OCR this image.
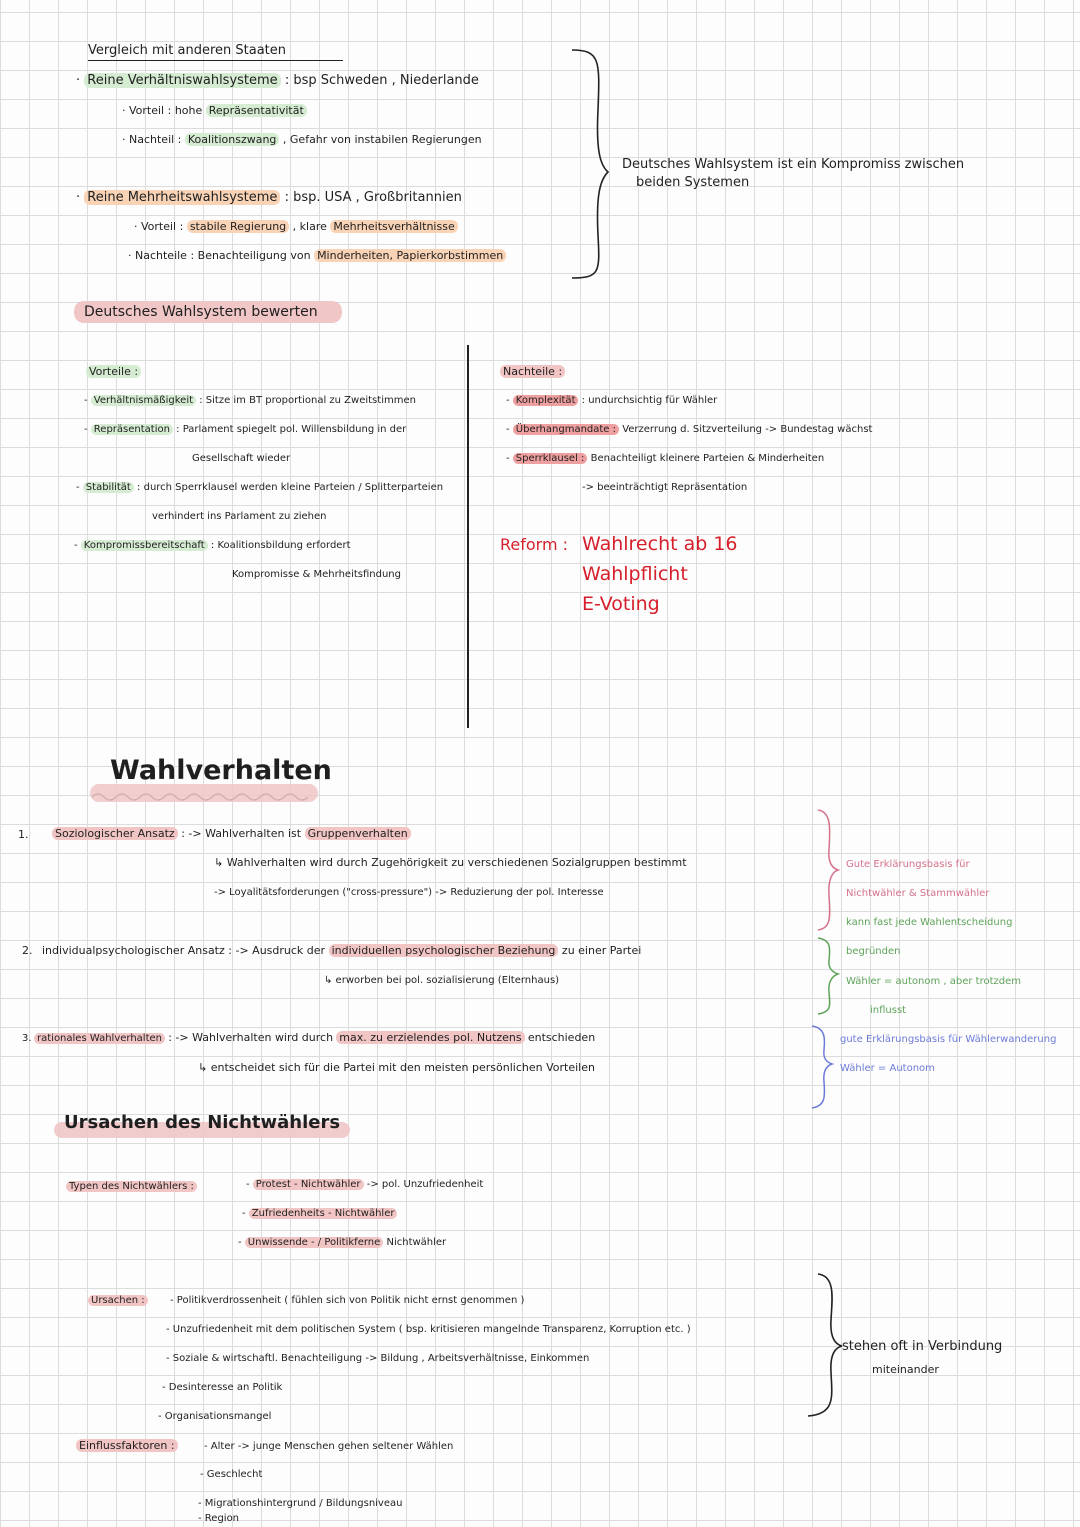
Vergleich mit anderen Staaten
· Reine Verhältniswahlsysteme : bsp Schweden , Niederlande
· Vorteil : hohe Repräsentativität
· Nachteil : Koalitionszwang , Gefahr von instabilen Regierungen
· Reine Mehrheitswahlsysteme : bsp. USA , Großbritannien
· Vorteil : stabile Regierung , klare Mehrheitsverhältnisse
· Nachteile : Benachteiligung von Minderheiten, Papierkorbstimmen
Deutsches Wahlsystem ist ein Kompromiss zwischen
beiden Systemen
Deutsches Wahlsystem bewerten
Vorteile :
- Verhältnismäßigkeit : Sitze im BT proportional zu Zweitstimmen
- Repräsentation : Parlament spiegelt pol. Willensbildung in der
Gesellschaft wieder
- Stabilität : durch Sperrklausel werden kleine Parteien / Splitterparteien
verhindert ins Parlament zu ziehen
- Kompromissbereitschaft : Koalitionsbildung erfordert
Kompromisse & Mehrheitsfindung
Nachteile :
- Komplexität : undurchsichtig für Wähler
- Überhangmandate : Verzerrung d. Sitzverteilung -> Bundestag wächst
- Sperrklausel : Benachteiligt kleinere Parteien & Minderheiten
-> beeinträchtigt Repräsentation
Reform : Wahlrecht ab 16
Wahlpflicht
E-Voting
Wahlverhalten
1. Soziologischer Ansatz : -> Wahlverhalten ist Gruppenverhalten
↳ Wahlverhalten wird durch Zugehörigkeit zu verschiedenen Sozialgruppen bestimmt
-> Loyalitätsforderungen ("cross-pressure") -> Reduzierung der pol. Interesse
2. individualpsychologischer Ansatz : -> Ausdruck der individuellen psychologischer Beziehung zu einer Partei
↳ erworben bei pol. sozialisierung (Elternhaus)
3. rationales Wahlverhalten : -> Wahlverhalten wird durch max. zu erzielendes pol. Nutzens entschieden
↳ entscheidet sich für die Partei mit den meisten persönlichen Vorteilen
Gute Erklärungsbasis für
Nichtwähler & Stammwähler
kann fast jede Wahlentscheidung
begründen
Wähler = autonom , aber trotzdem
influsst
gute Erklärungsbasis für Wählerwanderung
Wähler = Autonom
Ursachen des Nichtwählers
Typen des Nichtwählers :	- Protest - Nichtwähler -> pol. Unzufriedenheit
- Zufriedenheits - Nichtwähler
- Unwissende - / Politikferne Nichtwähler
Ursachen :	- Politikverdrossenheit ( fühlen sich von Politik nicht ernst genommen )
- Unzufriedenheit mit dem politischen System ( bsp. kritisieren mangelnde Transparenz, Korruption etc. )
- Soziale & wirtschaftl. Benachteiligung -> Bildung , Arbeitsverhältnisse, Einkommen
- Desinteresse an Politik
- Organisationsmangel
stehen oft in Verbindung
miteinander
Einflussfaktoren :	- Alter -> junge Menschen gehen seltener Wählen
- Geschlecht
- Migrationshintergrund / Bildungsniveau
- Region
